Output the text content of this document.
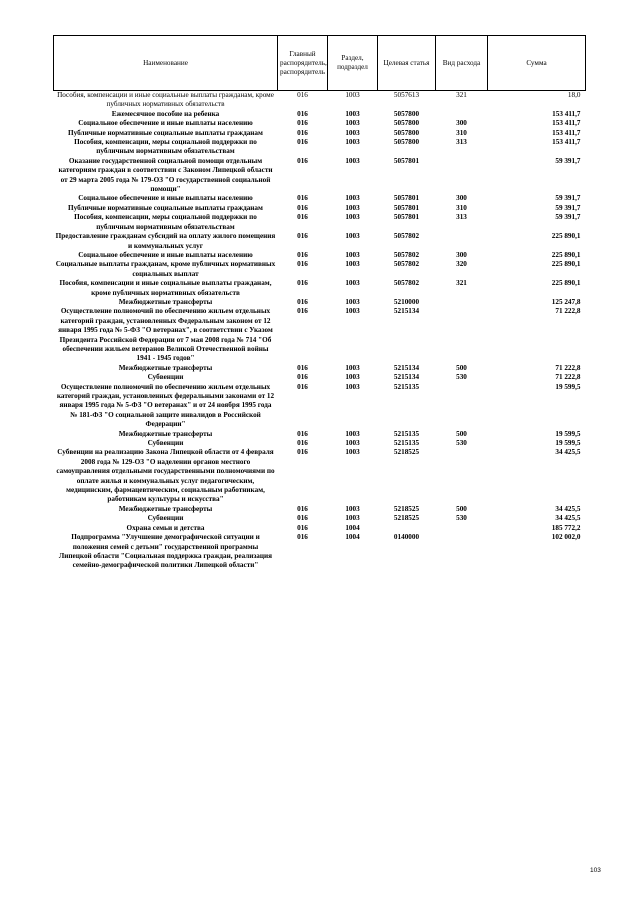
Наименование	Главный распорядитель, распорядитель	Раздел, подраздел	Целевая статья	Вид расхода	Сумма
Пособия, компенсации и иные социальные выплаты гражданам, кроме публичных нормативных обязательств	016	1003	5057613	321	18,0
Ежемесячное пособие на ребенка	016	1003	5057800		153 411,7
Социальное обеспечение и иные выплаты населению	016	1003	5057800	300	153 411,7
Публичные нормативные социальные выплаты гражданам	016	1003	5057800	310	153 411,7
Пособия, компенсации, меры социальной поддержки по публичным нормативным обязательствам	016	1003	5057800	313	153 411,7
Оказание государственной социальной помощи отдельным категориям граждан в соответствии с Законом Липецкой области от 29 марта 2005 года № 179-ОЗ "О государственной социальной помощи"	016	1003	5057801		59 391,7
Социальное обеспечение и иные выплаты населению	016	1003	5057801	300	59 391,7
Публичные нормативные социальные выплаты гражданам	016	1003	5057801	310	59 391,7
Пособия, компенсации, меры социальной поддержки по публичным нормативным обязательствам	016	1003	5057801	313	59 391,7
Предоставление гражданам субсидий на оплату жилого помещения и коммунальных услуг	016	1003	5057802		225 890,1
Социальное обеспечение и иные выплаты населению	016	1003	5057802	300	225 890,1
Социальные выплаты гражданам, кроме публичных нормативных социальных выплат	016	1003	5057802	320	225 890,1
Пособия, компенсации и иные социальные выплаты гражданам, кроме публичных нормативных обязательств	016	1003	5057802	321	225 890,1
Межбюджетные трансферты	016	1003	5210000		125 247,8
Осуществление полномочий по обеспечению жильем отдельных категорий граждан, установленных Федеральным законом от 12 января 1995 года № 5-ФЗ "О ветеранах", в соответствии с Указом Президента Российской Федерации от 7 мая 2008 года № 714 "Об обеспечении жильем ветеранов Великой Отечественной войны 1941 - 1945 годов"	016	1003	5215134		71 222,8
Межбюджетные трансферты	016	1003	5215134	500	71 222,8
Субвенции	016	1003	5215134	530	71 222,8
Осуществление полномочий по обеспечению жильем отдельных категорий граждан, установленных федеральными законами от 12 января 1995 года № 5-ФЗ "О ветеранах" и от 24 ноября 1995 года № 181-ФЗ "О социальной защите инвалидов в Российской Федерации"	016	1003	5215135		19 599,5
Межбюджетные трансферты	016	1003	5215135	500	19 599,5
Субвенции	016	1003	5215135	530	19 599,5
Субвенции на реализацию Закона Липецкой области от 4 февраля 2008 года № 129-ОЗ "О наделении органов местного самоуправления отдельными государственными полномочиями по оплате жилья и коммунальных услуг педагогическим, медицинским, фармацевтическим, социальным работникам, работникам культуры и искусства"	016	1003	5218525		34 425,5
Межбюджетные трансферты	016	1003	5218525	500	34 425,5
Субвенции	016	1003	5218525	530	34 425,5
Охрана семьи и детства	016	1004			185 772,2
Подпрограмма "Улучшение демографической ситуации и положения семей с детьми" государственной программы Липецкой области "Социальная поддержка граждан, реализация семейно-демографической политики Липецкой области"	016	1004	0140000		102 002,0
103
